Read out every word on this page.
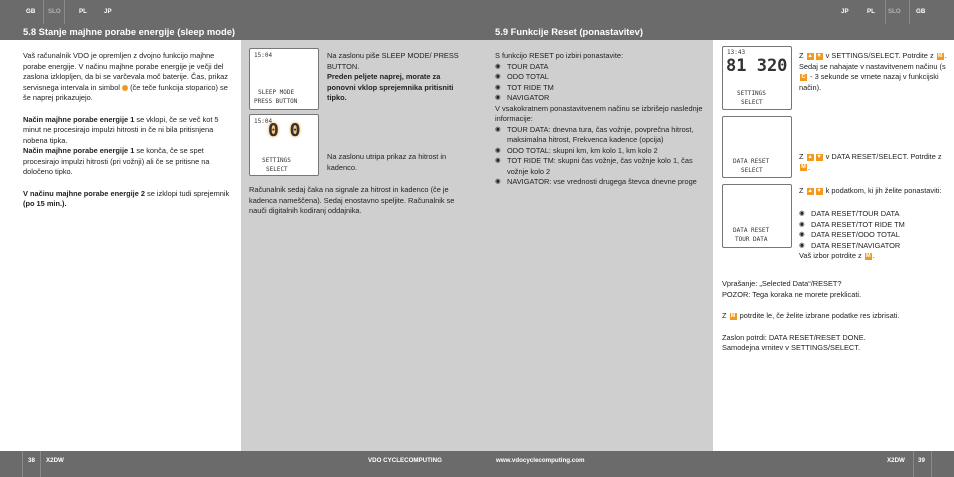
GB SLO	PL	JP	JP	PL SLO GB
5.8 Stanje majhne porabe energije (sleep mode)	5.9 Funkcije Reset (ponastavitev)
Vaš računalnik VDO je opremljen z dvojno funkcijo majhne porabe energije. V načinu majhne porabe energije je večji del zaslona izklopljen, da bi se varčevala moč baterije. Čas, prikaz servisnega intervala in simbol (če teče funkcija stoparico) se še naprej prikazujejo.
Način majhne porabe energije 1 se vklopi, če se več kot 5 minut ne procesirajo impulzi hitrosti in če ni bila pritisnjena nobena tipka.
Način majhne porabe energije 1 se konča, če se spet procesirajo impulzi hitrosti (pri vožnji) ali če se pritisne na določeno tipko.
V načinu majhne porabe energije 2 se izklopi tudi sprejemnik (po 15 min.).
15:04
SLEEP MODE
PRESS BUTTON
15:04
0 0
SETTINGS
SELECT
Na zaslonu piše SLEEP MODE/ PRESS BUTTON.
Preden peljete naprej, morate za ponovni vklop sprejemnika pritisniti tipko.
Na zaslonu utripa prikaz za hitrost in kadenco.
Računalnik sedaj čaka na signale za hitrost in kadenco (če je kadenca nameščena). Sedaj enostavno speljite. Računalnik se nauči digitalnih kodiranj oddajnika.
S funkcijo RESET po izbiri ponastavite:
◉ TOUR DATA
◉ ODO TOTAL
◉ TOT RIDE TM
◉ NAVIGATOR
V vsakokratnem ponastavitvenem načinu se izbrišejo naslednje informacije:
◉ TOUR DATA: dnevna tura, čas vožnje, povprečna hitrost, maksimalna hitrost, Frekvenca kadence (opcija)
◉ ODO TOTAL: skupni km, km kolo 1, km kolo 2
◉ TOT RIDE TM: skupni čas vožnje, čas vožnje kolo 1, čas vožnje kolo 2
◉ NAVIGATOR: vse vrednosti drugega števca dnevne proge
13:43
81 320
SETTINGS
SELECT
DATA RESET
SELECT
DATA RESET
TOUR DATA
Z ▲ ▼ v SETTINGS/SELECT. Potrdite z M . Sedaj se nahajate v nastavitvenem načinu (s C - 3 sekunde se vrnete nazaj v funkcijski način).
Z ▲ ▼ v DATA RESET/SELECT. Potrdite z M .
Z ▲ ▼ k podatkom, ki jih želite ponastaviti:
◉ DATA RESET/TOUR DATA
◉ DATA RESET/TOT RIDE TM
◉ DATA RESET/ODO TOTAL
◉ DATA RESET/NAVIGATOR
Vaš izbor potrdite z M .
Vprašanje: „Selected Data“/RESET?
POZOR: Tega koraka ne morete preklicati.
Z M potrdite le, če želite izbrane podatke res izbrisati.
Zaslon potrdi: DATA RESET/RESET DONE.
Samodejna vrnitev v SETTINGS/SELECT.
38 X2DW	VDO CYCLECOMPUTING	www.vdocyclecomputing.com	X2DW 39
